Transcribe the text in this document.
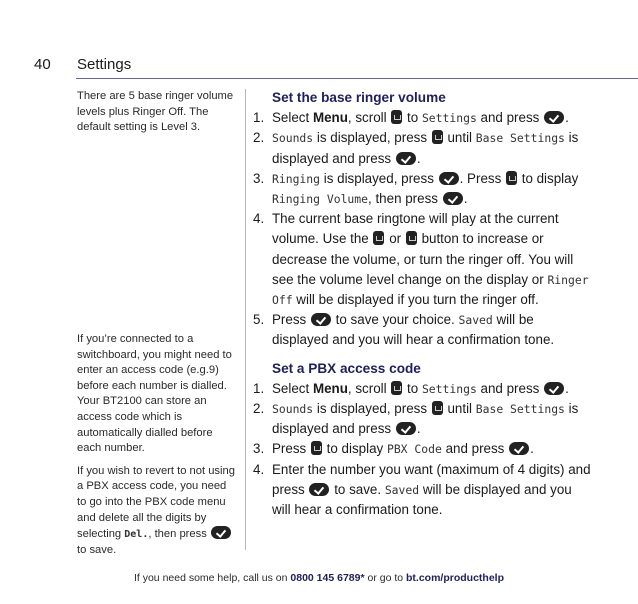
40 Settings

There are 5 base ringer volume levels plus Ringer Off. The default setting is Level 3.

If you’re connected to a switchboard, you might need to enter an access code (e.g.9) before each number is dialled. Your BT2100 can store an access code which is automatically dialled before each number.

If you wish to revert to not using a PBX access code, you need to go into the PBX code menu and delete all the digits by selecting Del., then press  to save.

Set the base ringer volume
1. Select Menu, scroll  to Settings and press .
2. Sounds is displayed, press  until Base Settings is displayed and press .
3. Ringing is displayed, press . Press  to display Ringing Volume, then press .
4. The current base ringtone will play at the current volume. Use the  or  button to increase or decrease the volume, or turn the ringer off. You will see the volume level change on the display or Ringer Off will be displayed if you turn the ringer off.
5. Press  to save your choice. Saved will be displayed and you will hear a confirmation tone.
Set a PBX access code
1. Select Menu, scroll  to Settings and press .
2. Sounds is displayed, press  until Base Settings is displayed and press .
3. Press  to display PBX Code and press .
4. Enter the number you want (maximum of 4 digits) and press  to save. Saved will be displayed and you will hear a confirmation tone.
If you need some help, call us on 0800 145 6789* or go to bt.com/producthelp
